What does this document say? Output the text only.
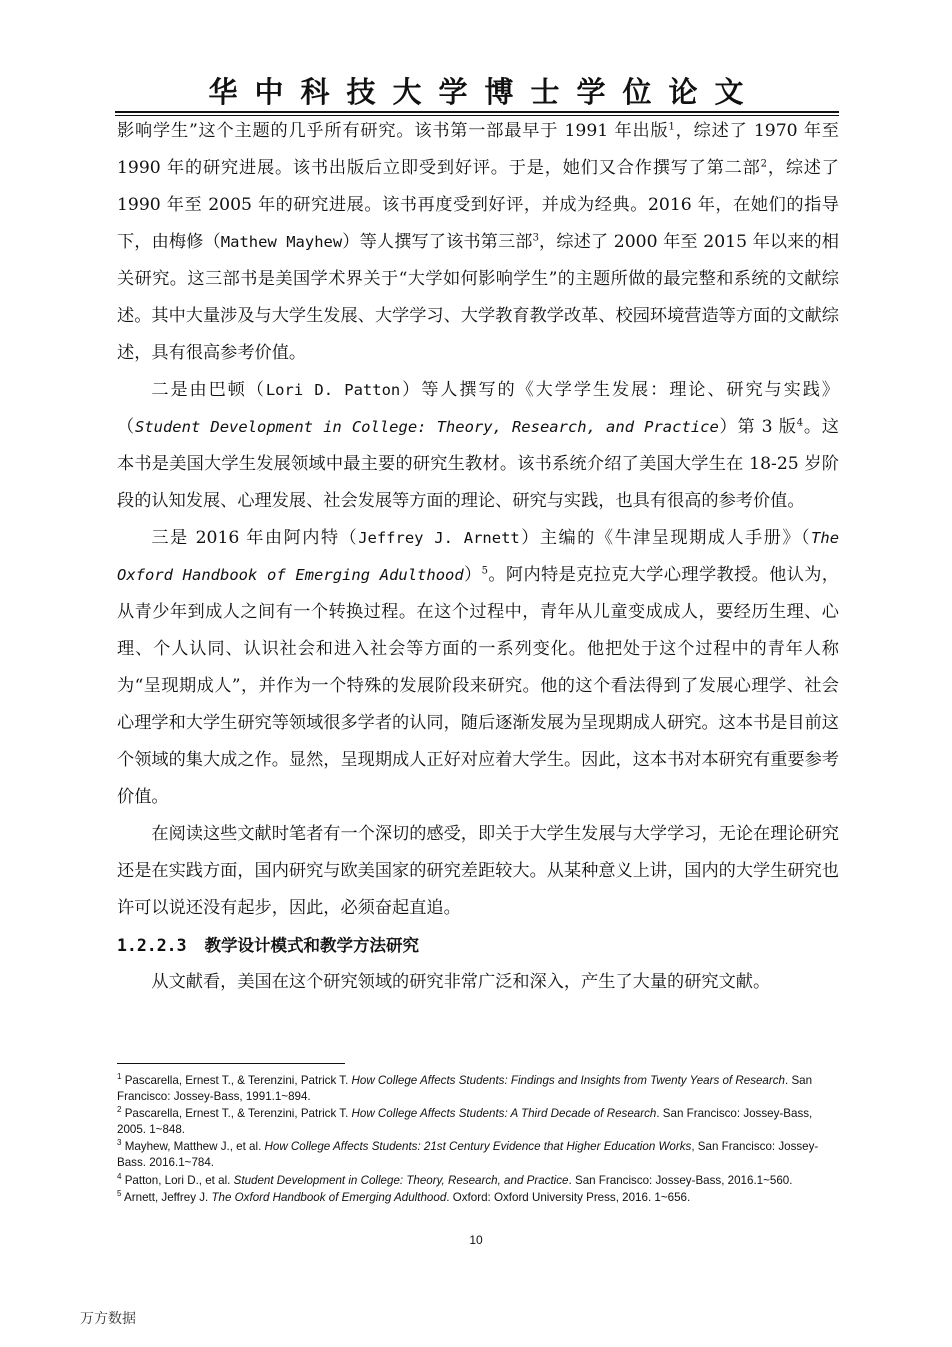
华中科技大学博士学位论文

影响学生”这个主题的几乎所有研究。该书第一部最早于 1991 年出版$^1$，综述了 1970 年至 1990 年的研究进展。该书出版后立即受到好评。于是，她们又合作撰写了第二部$^2$，综述了 1990 年至 2005 年的研究进展。该书再度受到好评，并成为经典。2016 年，在她们的指导下，由梅修（Mathew Mayhew）等人撰写了该书第三部$^3$，综述了 2000 年至 2015 年以来的相关研究。这三部书是美国学术界关于“大学如何影响学生”的主题所做的最完整和系统的文献综述。其中大量涉及与大学生发展、大学学习、大学教育教学改革、校园环境营造等方面的文献综述，具有很高参考价值。

二是由巴顿（Lori D. Patton）等人撰写的《大学学生发展：理论、研究与实践》（Student Development in College: Theory, Research, and Practice）第 3 版$^4$。这本书是美国大学生发展领域中最主要的研究生教材。该书系统介绍了美国大学生在 18-25 岁阶段的认知发展、心理发展、社会发展等方面的理论、研究与实践，也具有很高的参考价值。

三是 2016 年由阿内特（Jeffrey J. Arnett）主编的《牛津呈现期成人手册》（The Oxford Handbook of Emerging Adulthood）$^5$。阿内特是克拉克大学心理学教授。他认为，从青少年到成人之间有一个转换过程。在这个过程中，青年从儿童变成成人，要经历生理、心理、个人认同、认识社会和进入社会等方面的一系列变化。他把处于这个过程中的青年人称为“呈现期成人”，并作为一个特殊的发展阶段来研究。他的这个看法得到了发展心理学、社会心理学和大学生研究等领域很多学者的认同，随后逐渐发展为呈现期成人研究。这本书是目前这个领域的集大成之作。显然，呈现期成人正好对应着大学生。因此，这本书对本研究有重要参考价值。

在阅读这些文献时笔者有一个深切的感受，即关于大学生发展与大学学习，无论在理论研究还是在实践方面，国内研究与欧美国家的研究差距较大。从某种意义上讲，国内的大学生研究也许可以说还没有起步，因此，必须奋起直追。

1.2.2.3 教学设计模式和教学方法研究

从文献看，美国在这个研究领域的研究非常广泛和深入，产生了大量的研究文献。

$^1$ Pascarella, Ernest T., & Terenzini, Patrick T. How College Affects Students: Findings and Insights from Twenty Years of Research. San Francisco: Jossey-Bass, 1991.1~894.

$^2$ Pascarella, Ernest T., & Terenzini, Patrick T. How College Affects Students: A Third Decade of Research. San Francisco: Jossey-Bass, 2005. 1~848.

$^3$ Mayhew, Matthew J., et al. How College Affects Students: 21st Century Evidence that Higher Education Works, San Francisco: Jossey-Bass. 2016.1~784.

$^4$ Patton, Lori D., et al. Student Development in College: Theory, Research, and Practice. San Francisco: Jossey-Bass, 2016.1~560.

$^5$ Arnett, Jeffrey J. The Oxford Handbook of Emerging Adulthood. Oxford: Oxford University Press, 2016. 1~656.

10
万方数据
